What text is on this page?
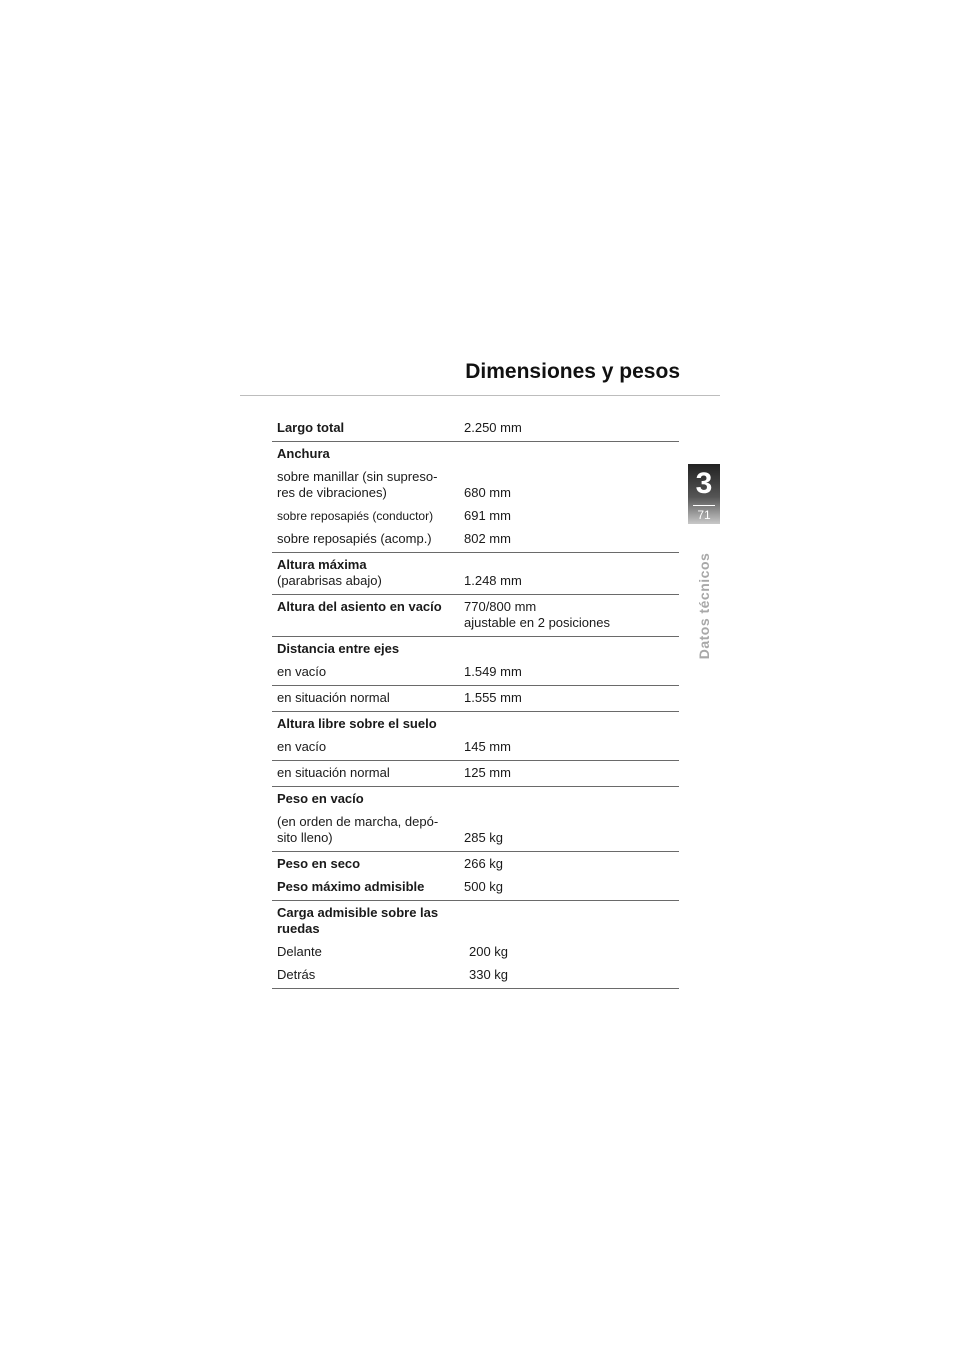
Dimensiones y pesos
3
71
Datos técnicos
Largo total	2.250 mm
Anchura
sobre manillar (sin supreso-
res de vibraciones)	680 mm
sobre reposapiés (conductor)	691 mm
sobre reposapiés (acomp.)	802 mm
Altura máxima
(parabrisas abajo)	1.248 mm
Altura del asiento en vacío	770/800 mm
ajustable en 2 posiciones
Distancia entre ejes
en vacío	1.549 mm
en situación normal	1.555 mm
Altura libre sobre el suelo
en vacío	145 mm
en situación normal	125 mm
Peso en vacío
(en orden de marcha, depó-
sito lleno)	285 kg
Peso en seco	266 kg
Peso máximo admisible	500 kg
Carga admisible sobre las
ruedas
Delante	200 kg
Detrás	330 kg
